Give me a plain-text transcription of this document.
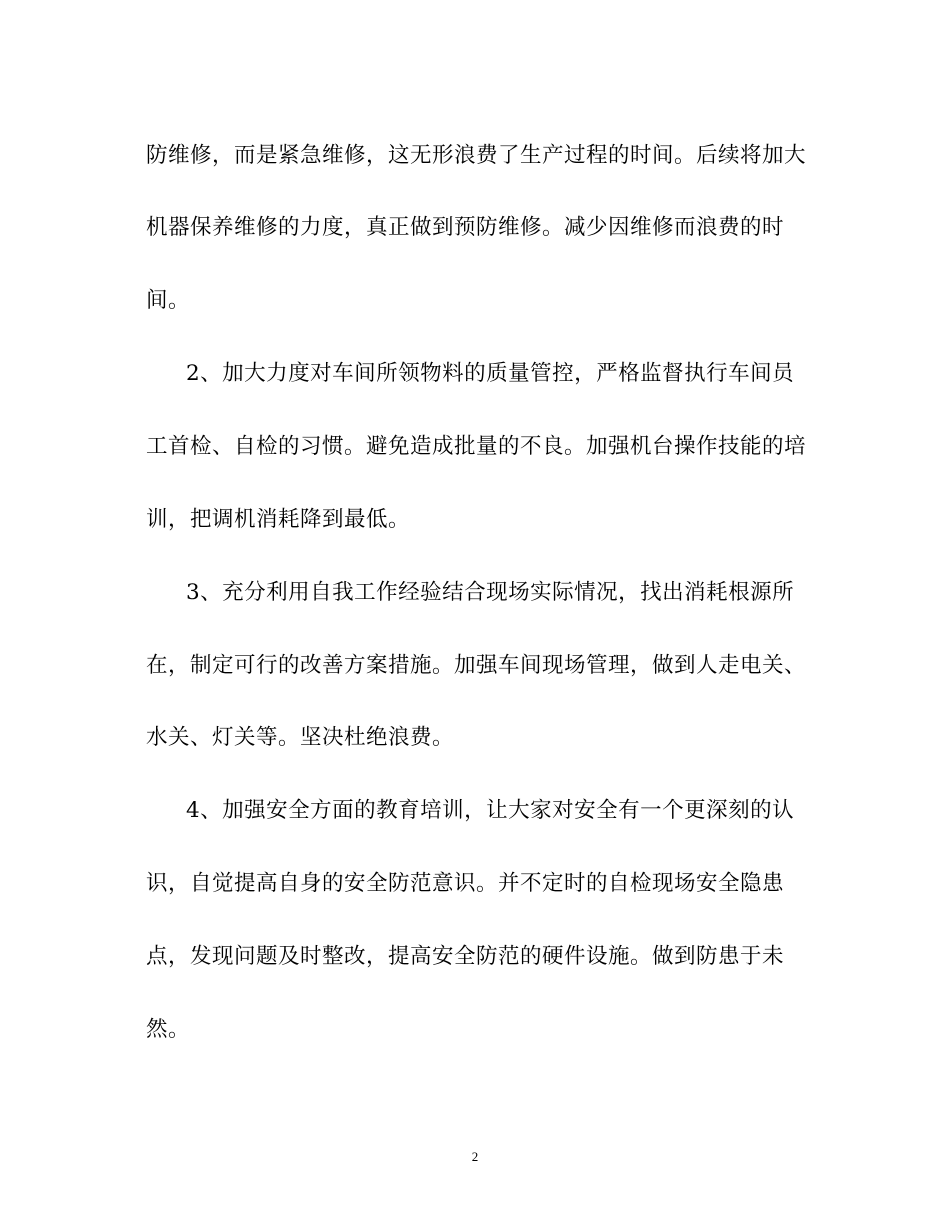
防维修，而是紧急维修，这无形浪费了生产过程的时间。后续将加大
机器保养维修的力度，真正做到预防维修。减少因维修而浪费的时
间。
2、加大力度对车间所领物料的质量管控，严格监督执行车间员
工首检、自检的习惯。避免造成批量的不良。加强机台操作技能的培
训，把调机消耗降到最低。
3、充分利用自我工作经验结合现场实际情况，找出消耗根源所
在，制定可行的改善方案措施。加强车间现场管理，做到人走电关、
水关、灯关等。坚决杜绝浪费。
4、加强安全方面的教育培训，让大家对安全有一个更深刻的认
识，自觉提高自身的安全防范意识。并不定时的自检现场安全隐患
点，发现问题及时整改，提高安全防范的硬件设施。做到防患于未
然。
2
